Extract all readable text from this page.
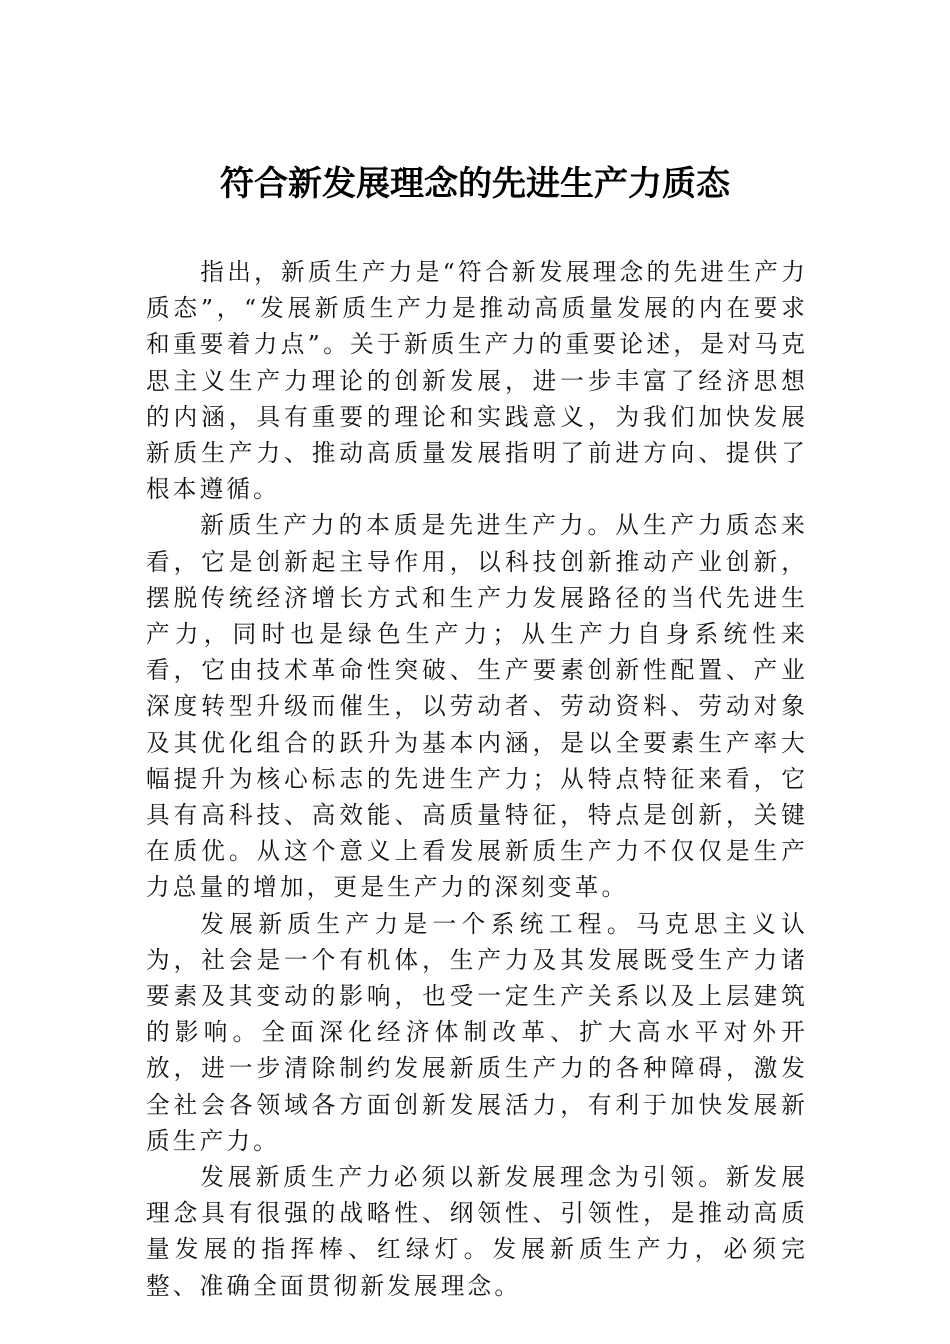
符合新发展理念的先进生产力质态

指出，新质生产力是“符合新发展理念的先进生产力质态”，“发展新质生产力是推动高质量发展的内在要求和重要着力点”。关于新质生产力的重要论述，是对马克思主义生产力理论的创新发展，进一步丰富了经济思想的内涵，具有重要的理论和实践意义，为我们加快发展新质生产力、推动高质量发展指明了前进方向、提供了根本遵循。

新质生产力的本质是先进生产力。从生产力质态来看，它是创新起主导作用，以科技创新推动产业创新，摆脱传统经济增长方式和生产力发展路径的当代先进生产力，同时也是绿色生产力；从生产力自身系统性来看，它由技术革命性突破、生产要素创新性配置、产业深度转型升级而催生，以劳动者、劳动资料、劳动对象及其优化组合的跃升为基本内涵，是以全要素生产率大幅提升为核心标志的先进生产力；从特点特征来看，它具有高科技、高效能、高质量特征，特点是创新，关键在质优。从这个意义上看发展新质生产力不仅仅是生产力总量的增加，更是生产力的深刻变革。

发展新质生产力是一个系统工程。马克思主义认为，社会是一个有机体，生产力及其发展既受生产力诸要素及其变动的影响，也受一定生产关系以及上层建筑的影响。全面深化经济体制改革、扩大高水平对外开放，进一步清除制约发展新质生产力的各种障碍，激发全社会各领域各方面创新发展活力，有利于加快发展新质生产力。

发展新质生产力必须以新发展理念为引领。新发展理念具有很强的战略性、纲领性、引领性，是推动高质量发展的指挥棒、红绿灯。发展新质生产力，必须完整、准确全面贯彻新发展理念。
